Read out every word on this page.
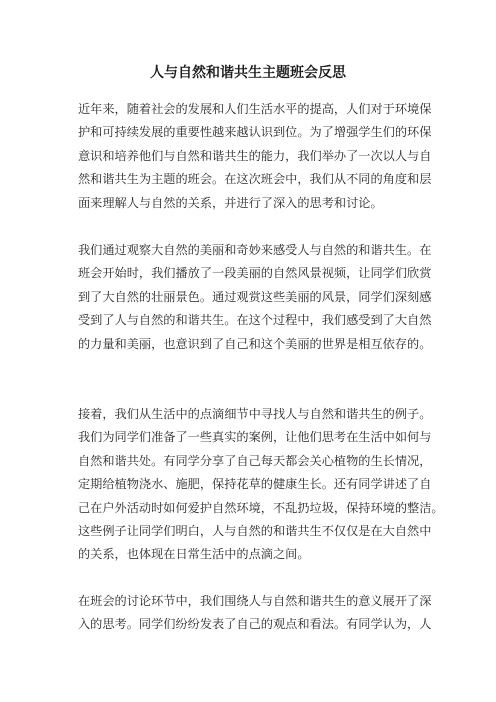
人与自然和谐共生主题班会反思

近年来，随着社会的发展和人们生活水平的提高，人们对于环境保
护和可持续发展的重要性越来越认识到位。为了增强学生们的环保
意识和培养他们与自然和谐共生的能力，我们举办了一次以人与自
然和谐共生为主题的班会。在这次班会中，我们从不同的角度和层
面来理解人与自然的关系，并进行了深入的思考和讨论。

我们通过观察大自然的美丽和奇妙来感受人与自然的和谐共生。在
班会开始时，我们播放了一段美丽的自然风景视频，让同学们欣赏
到了大自然的壮丽景色。通过观赏这些美丽的风景，同学们深刻感
受到了人与自然的和谐共生。在这个过程中，我们感受到了大自然
的力量和美丽，也意识到了自己和这个美丽的世界是相互依存的。

接着，我们从生活中的点滴细节中寻找人与自然和谐共生的例子。
我们为同学们准备了一些真实的案例，让他们思考在生活中如何与
自然和谐共处。有同学分享了自己每天都会关心植物的生长情况，
定期给植物浇水、施肥，保持花草的健康生长。还有同学讲述了自
己在户外活动时如何爱护自然环境，不乱扔垃圾，保持环境的整洁。
这些例子让同学们明白，人与自然的和谐共生不仅仅是在大自然中
的关系，也体现在日常生活中的点滴之间。

在班会的讨论环节中，我们围绕人与自然和谐共生的意义展开了深
入的思考。同学们纷纷发表了自己的观点和看法。有同学认为，人
